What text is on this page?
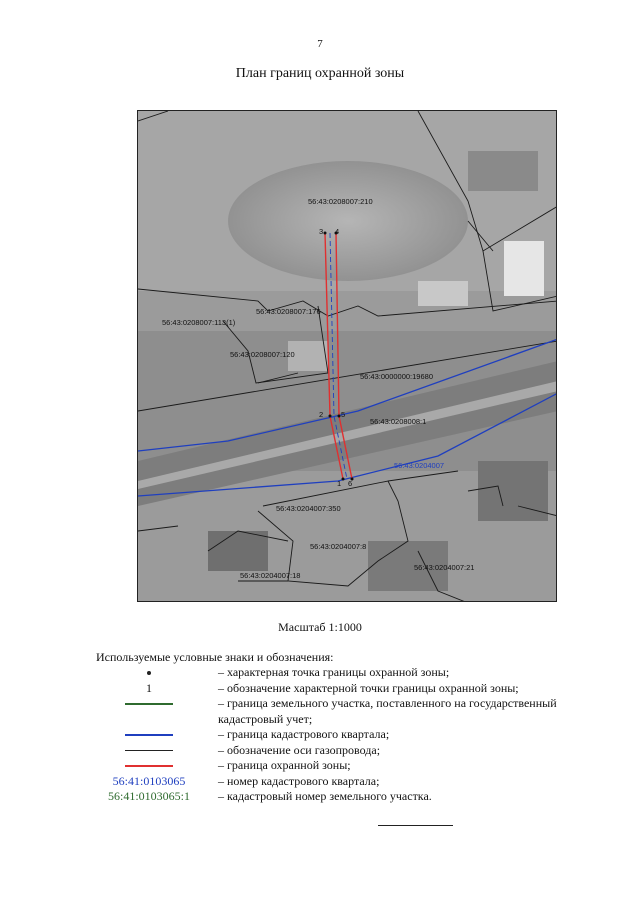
7
План границ охранной зоны
1
2
3 4
5
6
56:43:0208007:210
56:43:0208007:113(1)
56:43:0208007:176
56:43:0208007:120
56:43:0000000:19680
56:43:0208008:1
56:43:0204007:350
56:43:0204007:8
56:43:0204007:18
56:43:0204007:21
56:43:0204007
Масштаб 1:1000
Используемые условные знаки и обозначения:
– характерная точка границы охранной зоны;
1	– обозначение характерной точки границы охранной зоны;
– граница земельного участка, поставленного на государственный кадастровый учет;
– граница кадастрового квартала;
– обозначение оси газопровода;
– граница охранной зоны;
56:41:0103065	– номер кадастрового квартала;
56:41:0103065:1	– кадастровый номер земельного участка.
